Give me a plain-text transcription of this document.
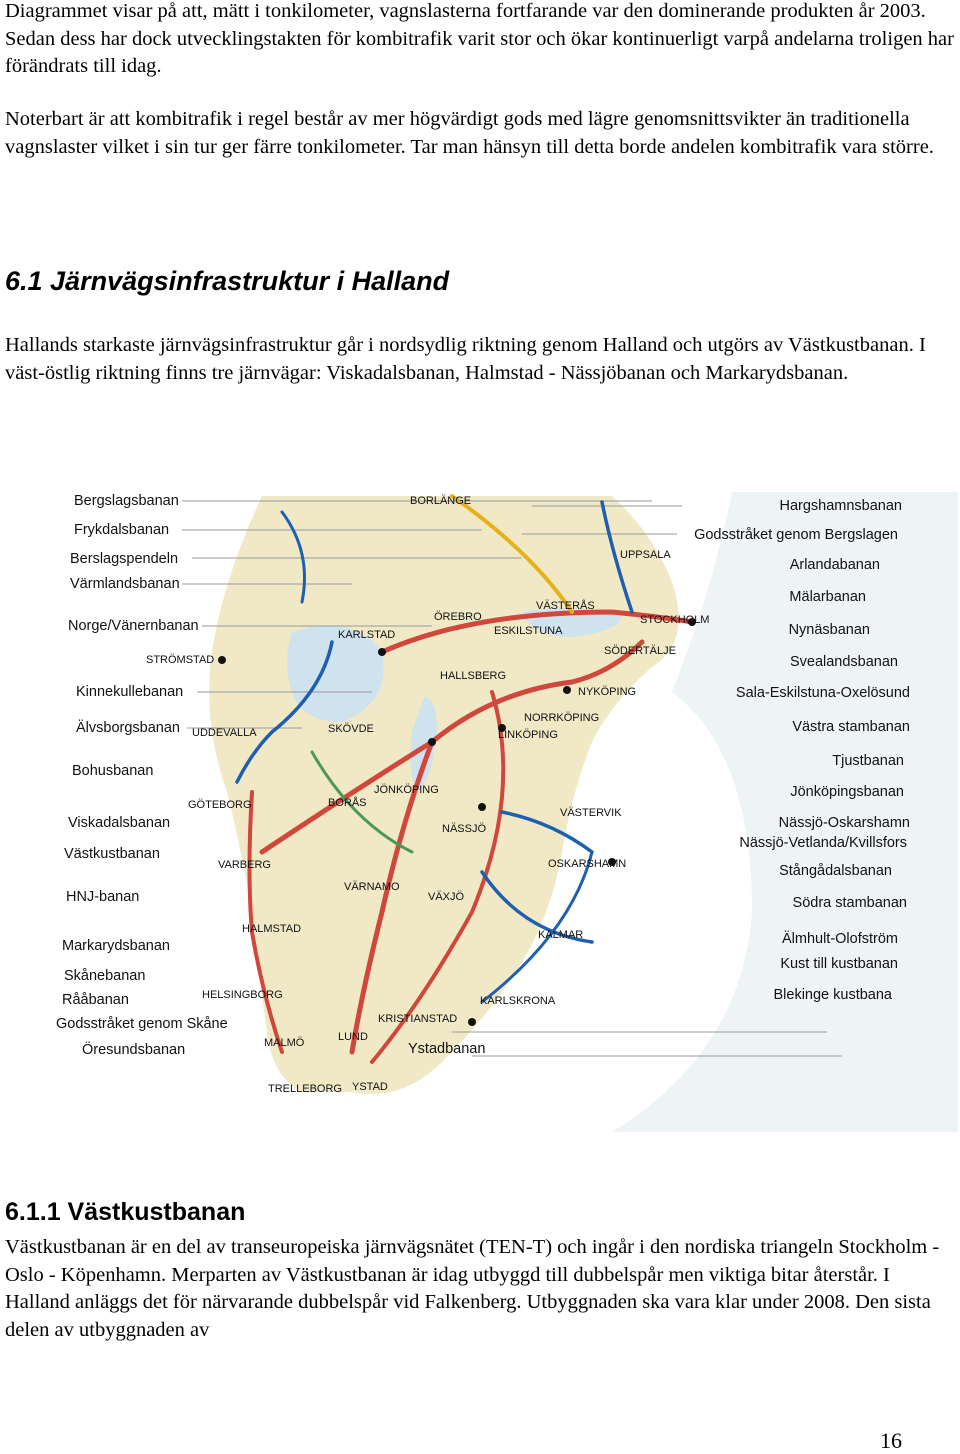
Diagrammet visar på att, mätt i tonkilometer, vagnslasterna fortfarande var den dominerande produkten år 2003. Sedan dess har dock utvecklingstakten för kombitrafik varit stor och ökar kontinuerligt varpå andelarna troligen har förändrats till idag.

Noterbart är att kombitrafik i regel består av mer högvärdigt gods med lägre genomsnittsvikter än traditionella vagnslaster vilket i sin tur ger färre tonkilometer. Tar man hänsyn till detta borde andelen kombitrafik vara större.

6.1 Järnvägsinfrastruktur i Halland

Hallands starkaste järnvägsinfrastruktur går i nordsydlig riktning genom Halland och utgörs av Västkustbanan. I väst-östlig riktning finns tre järnvägar: Viskadalsbanan, Halmstad - Nässjöbanan och Markarydsbanan.

Bergslagsbanan
Frykdalsbanan
Berslagspendeln
Värmlandsbanan
Norge/Vänernbanan
Kinnekullebanan
Älvsborgsbanan
Bohusbanan
Viskadalsbanan
Västkustbanan
HNJ-banan
Markarydsbanan
Skånebanan
Rååbanan
Godsstråket genom Skåne
Öresundsbanan
Hargshamnsbanan
Godsstråket genom Bergslagen
Arlandabanan
Mälarbanan
Nynäsbanan
Svealandsbanan
Sala-Eskilstuna-Oxelösund
Västra stambanan
Tjustbanan
Jönköpingsbanan
Nässjö-Oskarshamn
Nässjö-Vetlanda/Kvillsfors
Stångådalsbanan
Södra stambanan
Älmhult-Olofström
Kust till kustbanan
Blekinge kustbana
BORLÄNGE
UPPSALA
ÖREBRO
VÄSTERÅS
STOCKHOLM
KARLSTAD	ESKILSTUNA
SÖDERTÄLJE
STRÖMSTAD
HALLSBERG
NYKÖPING
NORRKÖPING
UDDEVALLA	SKÖVDE	LINKÖPING
JÖNKÖPING
GÖTEBORG	BORÅS
VÄSTERVIK
NÄSSJÖ
VARBERG	OSKARSHAMN
VÄRNAMO
VÄXJÖ
HALMSTAD	KALMAR
HELSINGBORG	KARLSKRONA
KRISTIANSTAD
LUND
MALMÖ	Ystadbanan
TRELLEBORG YSTAD
6.1.1 Västkustbanan

Västkustbanan är en del av transeuropeiska järnvägsnätet (TEN-T) och ingår i den nordiska triangeln Stockholm - Oslo - Köpenhamn. Merparten av Västkustbanan är idag utbyggd till dubbelspår men viktiga bitar återstår. I Halland anläggs det för närvarande dubbelspår vid Falkenberg. Utbyggnaden ska vara klar under 2008. Den sista delen av utbyggnaden av

16
